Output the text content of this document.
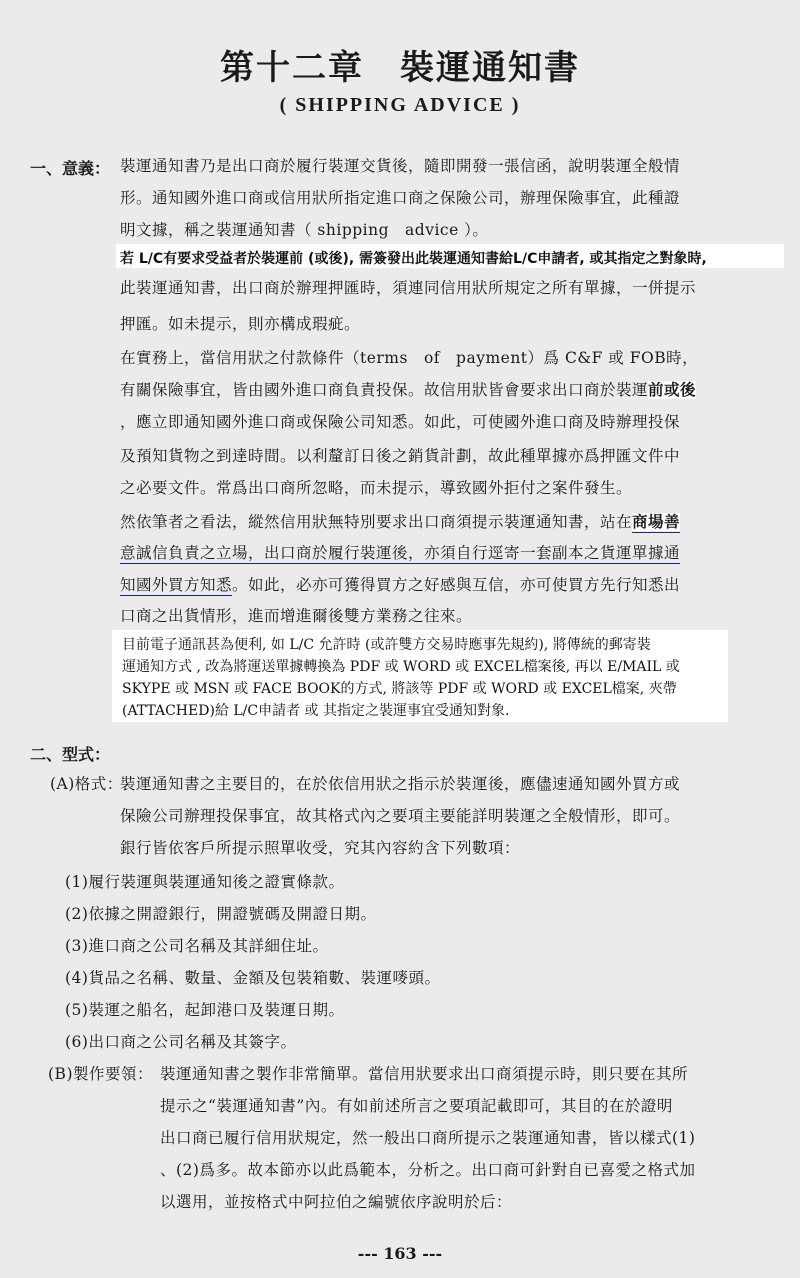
第十二章　裝運通知書
( SHIPPING ADVICE )
一、意義： 裝運通知書乃是出口商於履行裝運交貨後，隨即開發一張信函，說明裝運全般情
形。通知國外進口商或信用狀所指定進口商之保險公司，辦理保險事宜，此種證
明文據，稱之裝運通知書（ shipping　advice ）。
若 L/C有要求受益者於裝運前 (或後), 需簽發出此裝運通知書給L/C申請者, 或其指定之對象時,
此裝運通知書，出口商於辦理押匯時，須連同信用狀所規定之所有單據，一併提示
押匯。如未提示，則亦構成瑕疵。
在實務上，當信用狀之付款條件（terms　of　payment）爲 C&F 或 FOB時，
有關保險事宜，皆由國外進口商負責投保。故信用狀皆會要求出口商於裝運前或後
，應立即通知國外進口商或保險公司知悉。如此，可使國外進口商及時辦理投保
及預知貨物之到達時間。以利釐訂日後之銷貨計劃，故此種單據亦爲押匯文件中
之必要文件。常爲出口商所忽略，而未提示，導致國外拒付之案件發生。
然依筆者之看法，縱然信用狀無特別要求出口商須提示裝運通知書，站在商場善
意誠信負責之立場，出口商於履行裝運後，亦須自行逕寄一套副本之貨運單據通
知國外買方知悉。如此，必亦可獲得買方之好感與互信，亦可使買方先行知悉出
口商之出貨情形，進而增進爾後雙方業務之往來。
目前電子通訊甚為便利, 如 L/C 允許時 (或許雙方交易時應事先規約), 將傳統的郵寄裝
運通知方式 , 改為將運送單據轉換為 PDF 或 WORD 或 EXCEL檔案後, 再以 E/MAIL 或
SKYPE 或 MSN 或 FACE BOOK的方式, 將該等 PDF 或 WORD 或 EXCEL檔案, 夾帶
(ATTACHED)給 L/C申請者 或 其指定之裝運事宜受通知對象.
二、型式：
(A)格式：
裝運通知書之主要目的，在於依信用狀之指示於裝運後，應儘速通知國外買方或
保險公司辦理投保事宜，故其格式內之要項主要能詳明裝運之全般情形，即可。
銀行皆依客戶所提示照單收受，究其內容約含下列數項：
(1)履行裝運與裝運通知後之證實條款。
(2)依據之開證銀行，開證號碼及開證日期。
(3)進口商之公司名稱及其詳細住址。
(4)貨品之名稱、數量、金額及包裝箱數、裝運嘜頭。
(5)裝運之船名，起卸港口及裝運日期。
(6)出口商之公司名稱及其簽字。
(B)製作要領： 裝運通知書之製作非常簡單。當信用狀要求出口商須提示時，則只要在其所
提示之“裝運通知書”內。有如前述所言之要項記載即可，其目的在於證明
出口商已履行信用狀規定，然一般出口商所提示之裝運通知書，皆以樣式(1)
、(2)爲多。故本節亦以此爲範本，分析之。出口商可針對自已喜愛之格式加
以選用，並按格式中阿拉伯之編號依序說明於后：
--- 163 ---
